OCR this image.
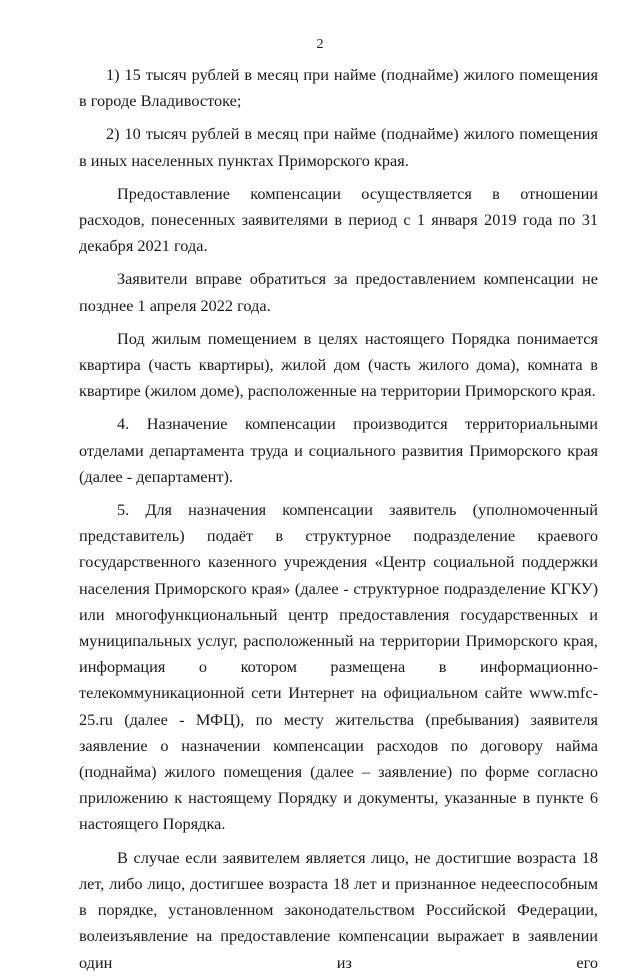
2

1) 15 тысяч рублей в месяц при найме (поднайме) жилого помещения в городе Владивостоке;

2) 10 тысяч рублей в месяц при найме (поднайме) жилого помещения в иных населенных пунктах Приморского края.

Предоставление компенсации осуществляется в отношении расходов, понесенных заявителями в период с 1 января 2019 года по 31 декабря 2021 года.

Заявители вправе обратиться за предоставлением компенсации не позднее 1 апреля 2022 года.

Под жилым помещением в целях настоящего Порядка понимается квартира (часть квартиры), жилой дом (часть жилого дома), комната в квартире (жилом доме), расположенные на территории Приморского края.

4. Назначение компенсации производится территориальными отделами департамента труда и социального развития Приморского края (далее - департамент).

5. Для назначения компенсации заявитель (уполномоченный представитель) подаёт в структурное подразделение краевого государственного казенного учреждения «Центр социальной поддержки населения Приморского края» (далее - структурное подразделение КГКУ) или многофункциональный центр предоставления государственных и муниципальных услуг, расположенный на территории Приморского края, информация о котором размещена в информационно-телекоммуникационной сети Интернет на официальном сайте www.mfc-25.ru (далее - МФЦ), по месту жительства (пребывания) заявителя заявление о назначении компенсации расходов по договору найма (поднайма) жилого помещения (далее – заявление) по форме согласно приложению к настоящему Порядку и документы, указанные в пункте 6 настоящего Порядка.

В случае если заявителем является лицо, не достигшие возраста 18 лет, либо лицо, достигшее возраста 18 лет и признанное недееспособным в порядке, установленном законодательством Российской Федерации, волеизъявление на предоставление компенсации выражает в заявлении один из его
